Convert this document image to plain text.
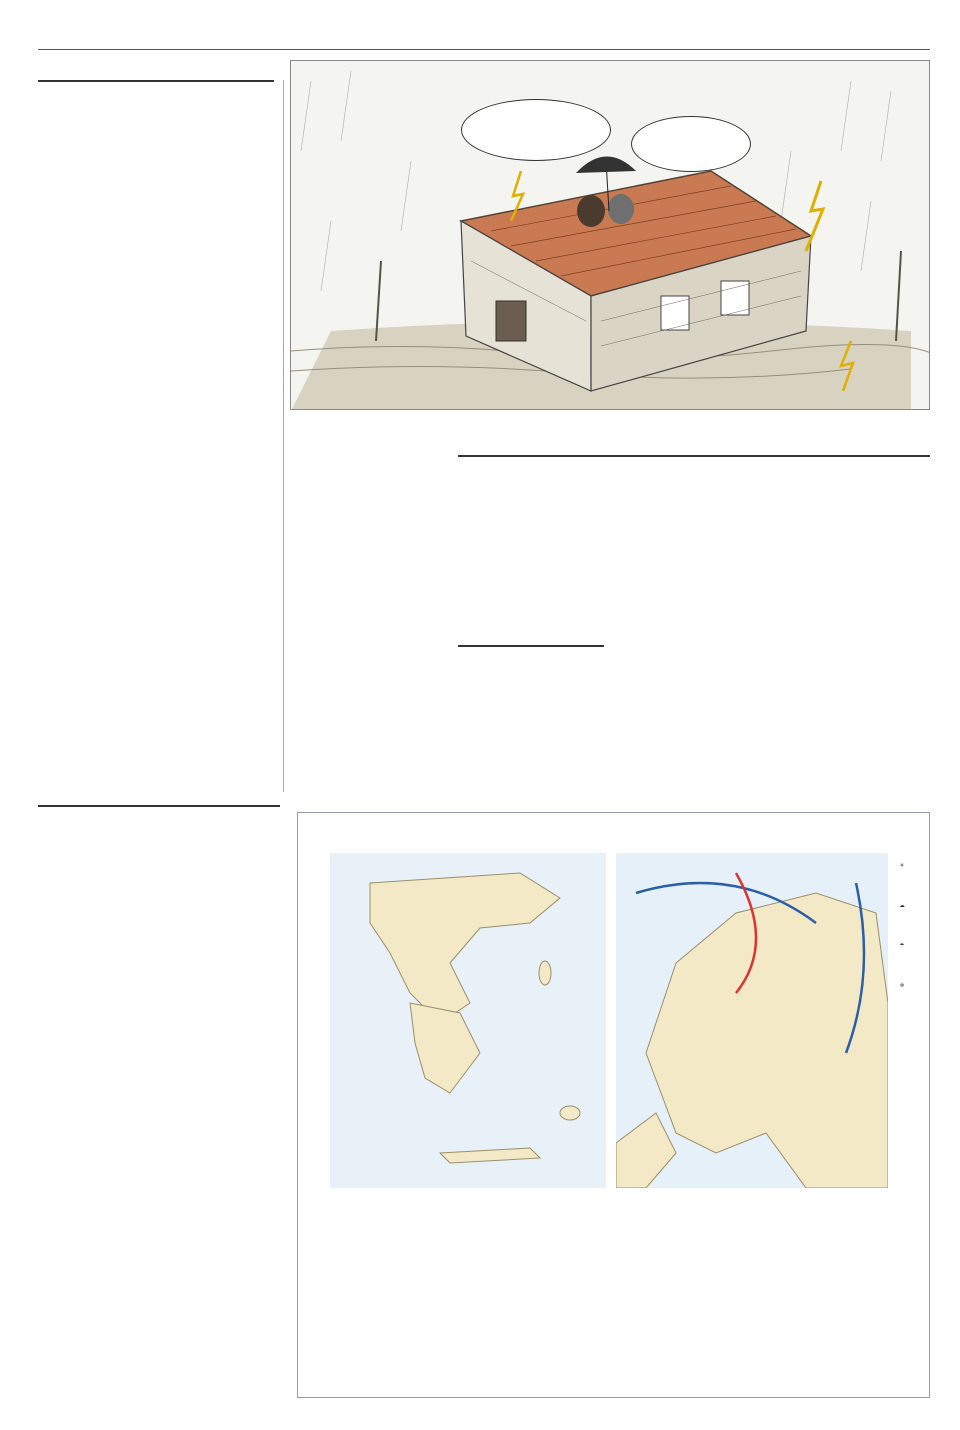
☀
☁
☂
❄
